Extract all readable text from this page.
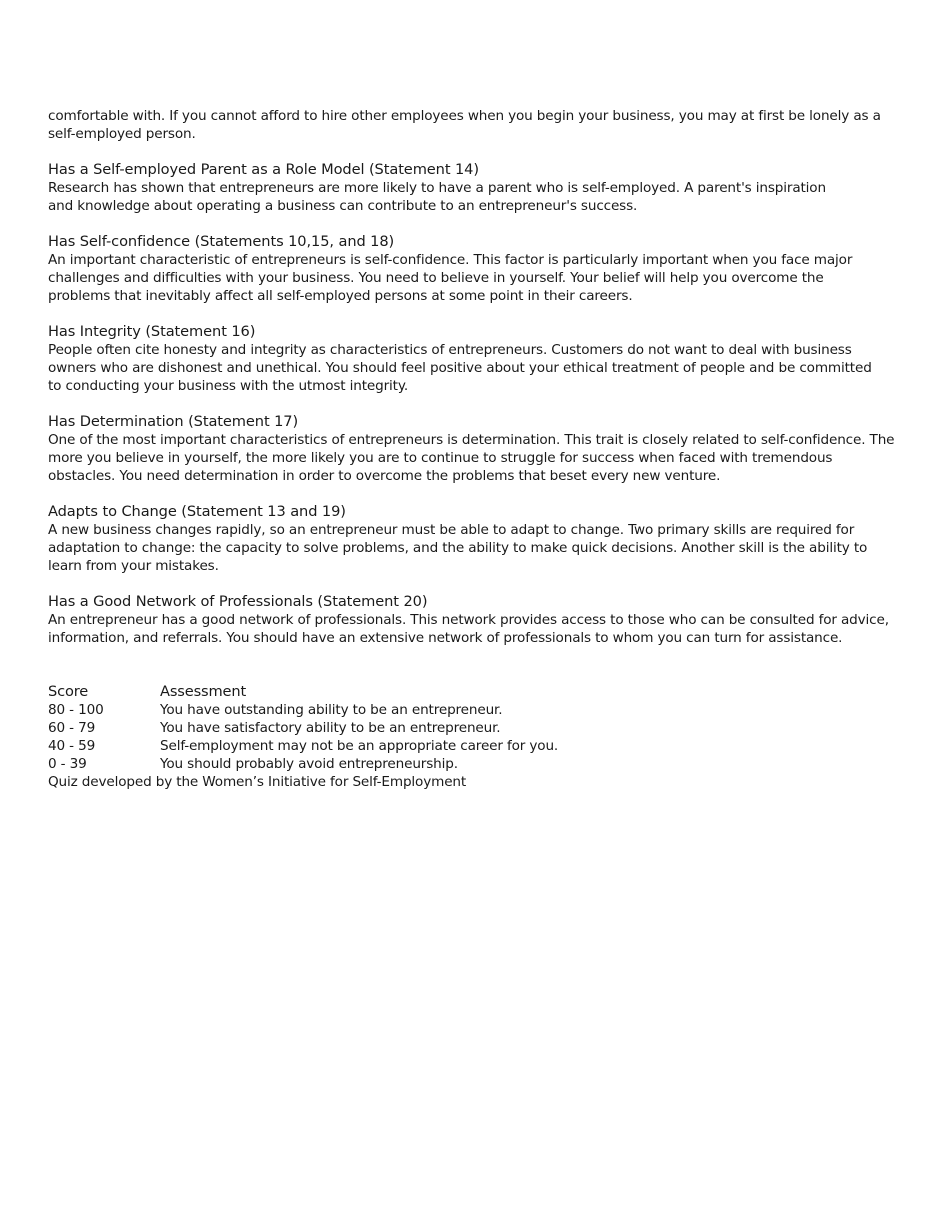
comfortable with. If you cannot afford to hire other employees when you begin your business, you may at first be lonely as a self-employed person.

Has a Self-employed Parent as a Role Model (Statement 14)

Research has shown that entrepreneurs are more likely to have a parent who is self-employed. A parent's inspiration and knowledge about operating a business can contribute to an entrepreneur's success.

Has Self-confidence (Statements 10,15, and 18)

An important characteristic of entrepreneurs is self-confidence. This factor is particularly important when you face major challenges and difficulties with your business. You need to believe in yourself. Your belief will help you overcome the problems that inevitably affect all self-employed persons at some point in their careers.

Has Integrity (Statement 16)

People often cite honesty and integrity as characteristics of entrepreneurs. Customers do not want to deal with business owners who are dishonest and unethical. You should feel positive about your ethical treatment of people and be committed to conducting your business with the utmost integrity.

Has Determination (Statement 17)

One of the most important characteristics of entrepreneurs is determination. This trait is closely related to self-confidence. The more you believe in yourself, the more likely you are to continue to struggle for success when faced with tremendous obstacles. You need determination in order to overcome the problems that beset every new venture.

Adapts to Change (Statement 13 and 19)

A new business changes rapidly, so an entrepreneur must be able to adapt to change. Two primary skills are required for adaptation to change: the capacity to solve problems, and the ability to make quick decisions. Another skill is the ability to learn from your mistakes.

Has a Good Network of Professionals (Statement 20)

An entrepreneur has a good network of professionals. This network provides access to those who can be consulted for advice, information, and referrals. You should have an extensive network of professionals to whom you can turn for assistance.

Score	Assessment
80 - 100	You have outstanding ability to be an entrepreneur.
60 - 79	You have satisfactory ability to be an entrepreneur.
40 - 59	Self-employment may not be an appropriate career for you.
0 - 39	You should probably avoid entrepreneurship.

Quiz developed by the Women’s Initiative for Self-Employment
